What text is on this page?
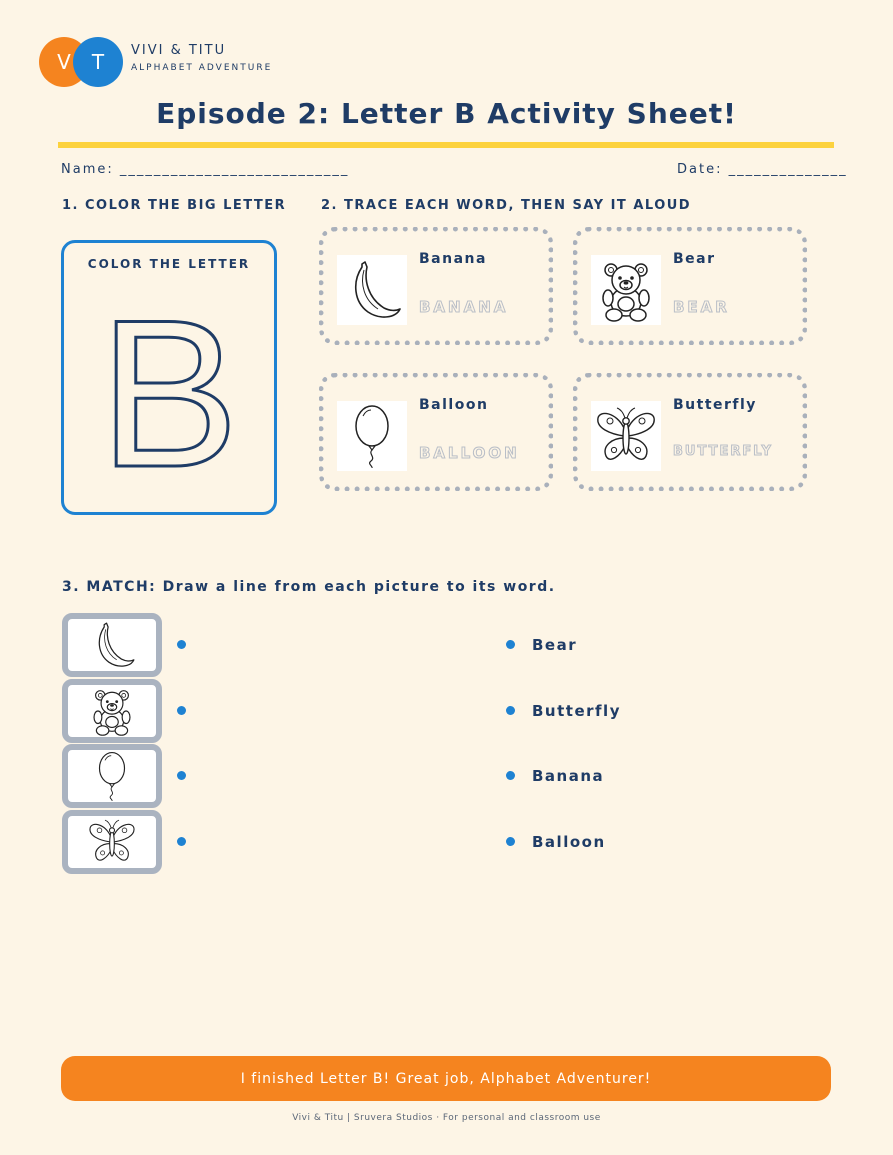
V T VIVI & TITU
ALPHABET ADVENTURE
Episode 2: Letter B Activity Sheet!
Name: ___________________________	Date: ______________
1. COLOR THE BIG LETTER
COLOR THE LETTER
B
2. TRACE EACH WORD, THEN SAY IT ALOUD
Banana
BANANA
Bear
BEAR
Balloon
BALLOON
Butterfly
BUTTERFLY
3. MATCH: Draw a line from each picture to its word.
Bear
Butterfly
Banana
Balloon
I finished Letter B! Great job, Alphabet Adventurer!
Vivi & Titu | Sruvera Studios · For personal and classroom use
